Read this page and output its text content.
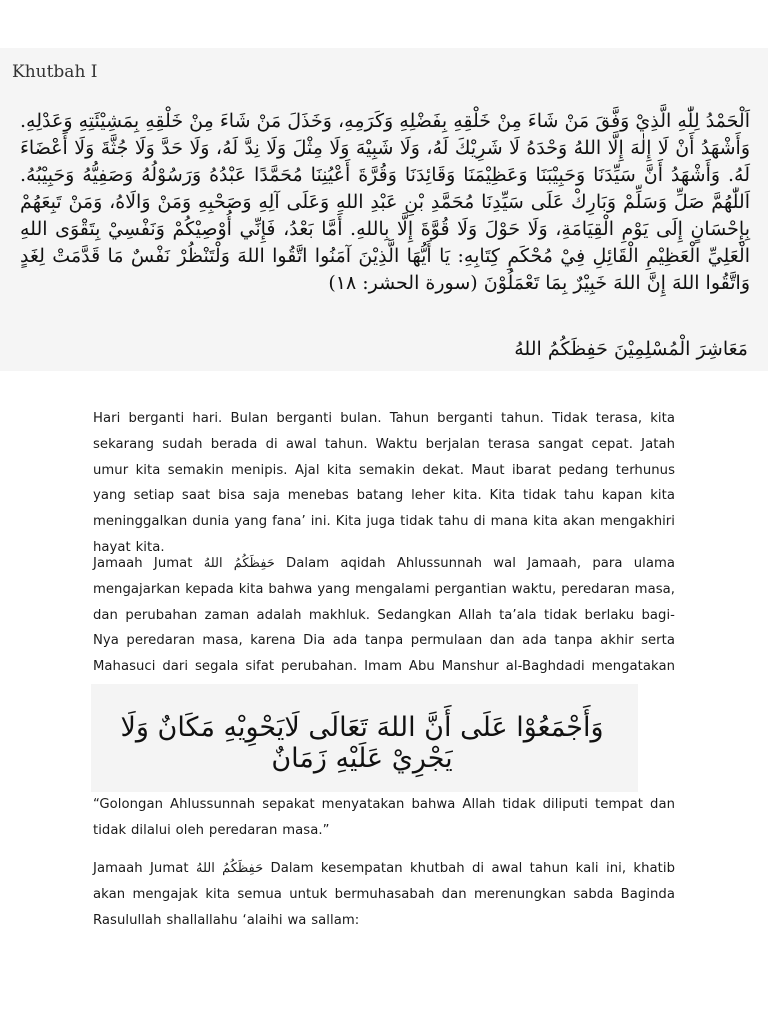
Khutbah I
اَلْحَمْدُ لِلّٰهِ الَّذِيْ وَفَّقَ مَنْ شَاءَ مِنْ خَلْقِهِ بِفَضْلِهِ وَكَرَمِهِ، وَخَذَلَ مَنْ شَاءَ مِنْ خَلْقِهِ بِمَشِيْئَتِهِ وَعَدْلِهِ. وَأَشْهَدُ أَنْ لَا إِلٰهَ إِلَّا اللهُ وَحْدَهُ لَا شَرِيْكَ لَهُ، وَلَا شَبِيْهَ وَلَا مِثْلَ وَلَا نِدَّ لَهُ، وَلَا حَدَّ وَلَا جُثَّةَ وَلَا أَعْضَاءَ لَهُ. وَأَشْهَدُ أَنَّ سَيِّدَنَا وَحَبِيْبَنَا وَعَظِيْمَنَا وَقَائِدَنَا وَقُرَّةَ أَعْيُنِنَا مُحَمَّدًا عَبْدُهُ وَرَسُوْلُهُ وَصَفِيُّهُ وَحَبِيْبُهُ. اَللّٰهُمَّ صَلِّ وَسَلِّمْ وَبَارِكْ عَلَى سَيِّدِنَا مُحَمَّدِ بْنِ عَبْدِ اللهِ وَعَلَى آلِهِ وَصَحْبِهِ وَمَنْ وَالَاهُ، وَمَنْ تَبِعَهُمْ بِإِحْسَانٍ إِلَى يَوْمِ الْقِيَامَةِ، وَلَا حَوْلَ وَلَا قُوَّةَ إِلَّا بِاللهِ. أَمَّا بَعْدُ، فَإِنِّي أُوْصِيْكُمْ وَنَفْسِيْ بِتَقْوَى اللهِ الْعَلِيِّ الْعَظِيْمِ الْقَائِلِ فِيْ مُحْكَمِ كِتَابِهِ: يَا أَيُّهَا الَّذِيْنَ آمَنُوا اتَّقُوا اللهَ وَلْتَنْظُرْ نَفْسٌ مَا قَدَّمَتْ لِغَدٍ وَاتَّقُوا اللهَ إِنَّ اللهَ خَبِيْرٌ بِمَا تَعْمَلُوْنَ (سورة الحشر: ١٨)
مَعَاشِرَ الْمُسْلِمِيْنَ حَفِظَكُمُ اللهُ
Hari berganti hari. Bulan berganti bulan. Tahun berganti tahun. Tidak terasa, kita sekarang sudah berada di awal tahun. Waktu berjalan terasa sangat cepat. Jatah umur kita semakin menipis. Ajal kita semakin dekat. Maut ibarat pedang terhunus yang setiap saat bisa saja menebas batang leher kita. Kita tidak tahu kapan kita meninggalkan dunia yang fana’ ini. Kita juga tidak tahu di mana kita akan mengakhiri hayat kita.
Jamaah Jumat حَفِظَكُمُ اللهُ Dalam aqidah Ahlussunnah wal Jamaah, para ulama mengajarkan kepada kita bahwa yang mengalami pergantian waktu, peredaran masa, dan perubahan zaman adalah makhluk. Sedangkan Allah ta’ala tidak berlaku bagi-Nya peredaran masa, karena Dia ada tanpa permulaan dan ada tanpa akhir serta Mahasuci dari segala sifat perubahan. Imam Abu Manshur al-Baghdadi mengatakan
وَأَجْمَعُوْا عَلَى أَنَّ اللهَ تَعَالَى لَايَحْوِيْهِ مَكَانٌ وَلَا يَجْرِيْ عَلَيْهِ زَمَانٌ
“Golongan Ahlussunnah sepakat menyatakan bahwa Allah tidak diliputi tempat dan tidak dilalui oleh peredaran masa.”
Jamaah Jumat حَفِظَكُمُ اللهُ Dalam kesempatan khutbah di awal tahun kali ini, khatib akan mengajak kita semua untuk bermuhasabah dan merenungkan sabda Baginda Rasulullah shallallahu ‘alaihi wa sallam:
